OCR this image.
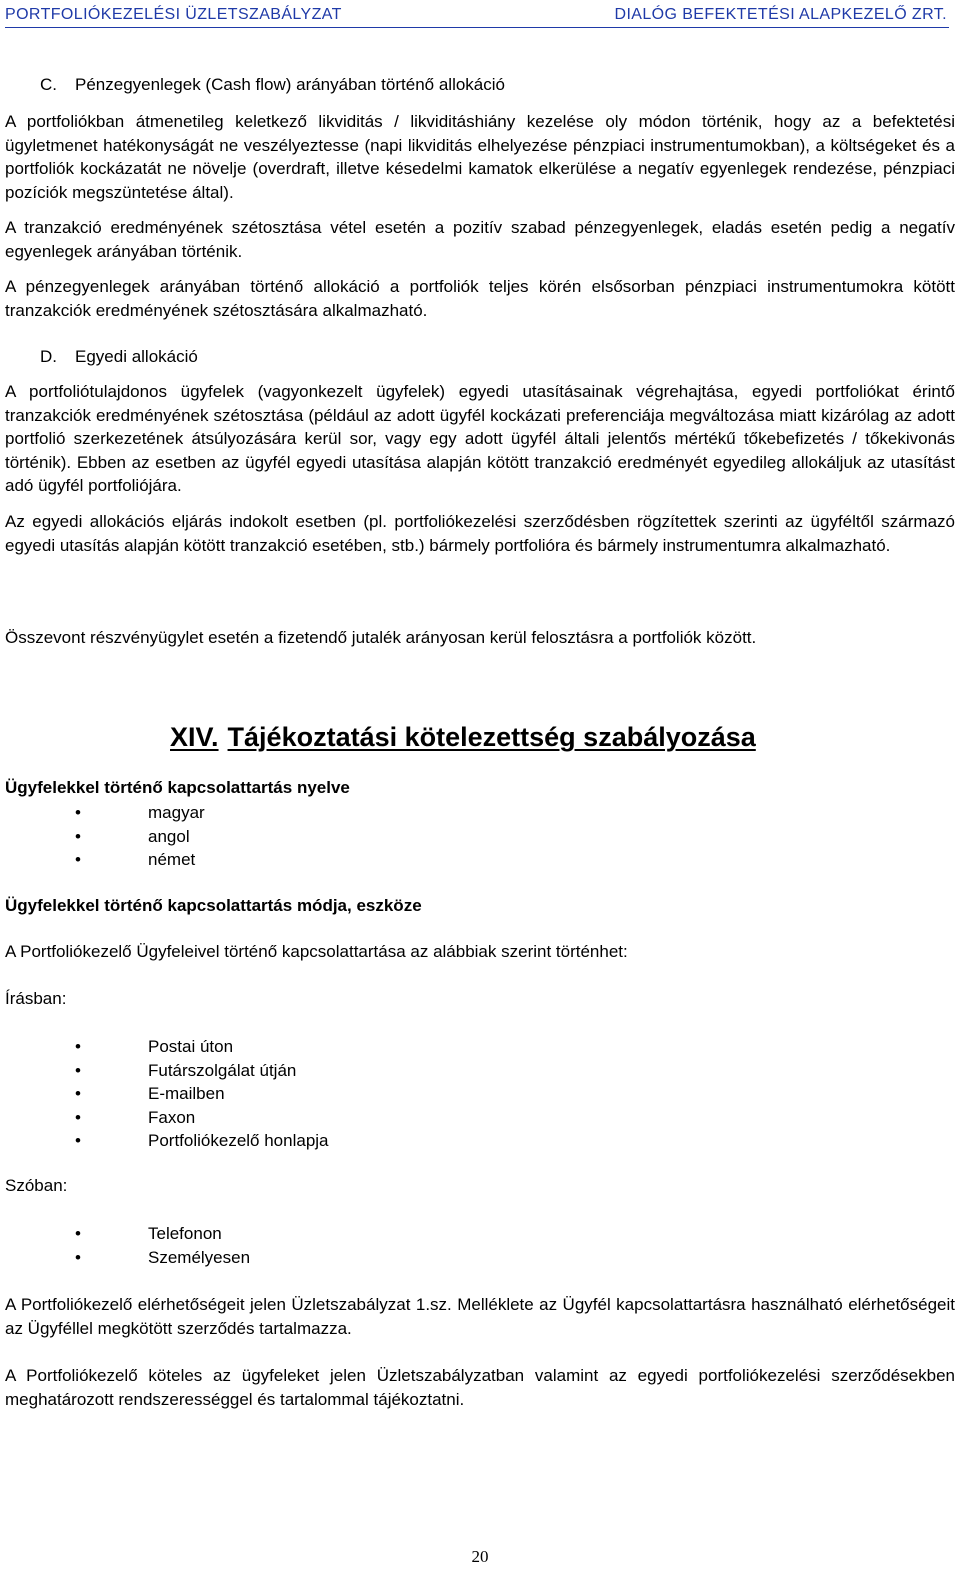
PORTFOLIÓKEZELÉSI ÜZLETSZABÁLYZAT	DIALÓG BEFEKTETÉSI ALAPKEZELŐ ZRT.
C. Pénzegyenlegek (Cash flow) arányában történő allokáció

A portfoliókban átmenetileg keletkező likviditás / likviditáshiány kezelése oly módon történik, hogy az a befektetési ügyletmenet hatékonyságát ne veszélyeztesse (napi likviditás elhelyezése pénzpiaci instrumentumokban), a költségeket és a portfoliók kockázatát ne növelje (overdraft, illetve késedelmi kamatok elkerülése a negatív egyenlegek rendezése, pénzpiaci pozíciók megszüntetése által).

A tranzakció eredményének szétosztása vétel esetén a pozitív szabad pénzegyenlegek, eladás esetén pedig a negatív egyenlegek arányában történik.

A pénzegyenlegek arányában történő allokáció a portfoliók teljes körén elsősorban pénzpiaci instrumentumokra kötött tranzakciók eredményének szétosztására alkalmazható.

D. Egyedi allokáció

A portfoliótulajdonos ügyfelek (vagyonkezelt ügyfelek) egyedi utasításainak végrehajtása, egyedi portfoliókat érintő tranzakciók eredményének szétosztása (például az adott ügyfél kockázati preferenciája megváltozása miatt kizárólag az adott portfolió szerkezetének átsúlyozására kerül sor, vagy egy adott ügyfél általi jelentős mértékű tőkebefizetés / tőkekivonás történik). Ebben az esetben az ügyfél egyedi utasítása alapján kötött tranzakció eredményét egyedileg allokáljuk az utasítást adó ügyfél portfoliójára.

Az egyedi allokációs eljárás indokolt esetben (pl. portfoliókezelési szerződésben rögzítettek szerinti az ügyféltől származó egyedi utasítás alapján kötött tranzakció esetében, stb.) bármely portfolióra és bármely instrumentumra alkalmazható.

Összevont részvényügylet esetén a fizetendő jutalék arányosan kerül felosztásra a portfoliók között.

XIV. Tájékoztatási kötelezettség szabályozása

Ügyfelekkel történő kapcsolattartás nyelve

•	magyar
•	angol
•	német

Ügyfelekkel történő kapcsolattartás módja, eszköze

A Portfoliókezelő Ügyfeleivel történő kapcsolattartása az alábbiak szerint történhet:

Írásban:

•	Postai úton
•	Futárszolgálat útján
•	E-mailben
•	Faxon
•	Portfoliókezelő honlapja

Szóban:

•	Telefonon
•	Személyesen

A Portfoliókezelő elérhetőségeit jelen Üzletszabályzat 1.sz. Melléklete az Ügyfél kapcsolattartásra használható elérhetőségeit az Ügyféllel megkötött szerződés tartalmazza.

A Portfoliókezelő köteles az ügyfeleket jelen Üzletszabályzatban valamint az egyedi portfoliókezelési szerződésekben meghatározott rendszerességgel és tartalommal tájékoztatni.

20
